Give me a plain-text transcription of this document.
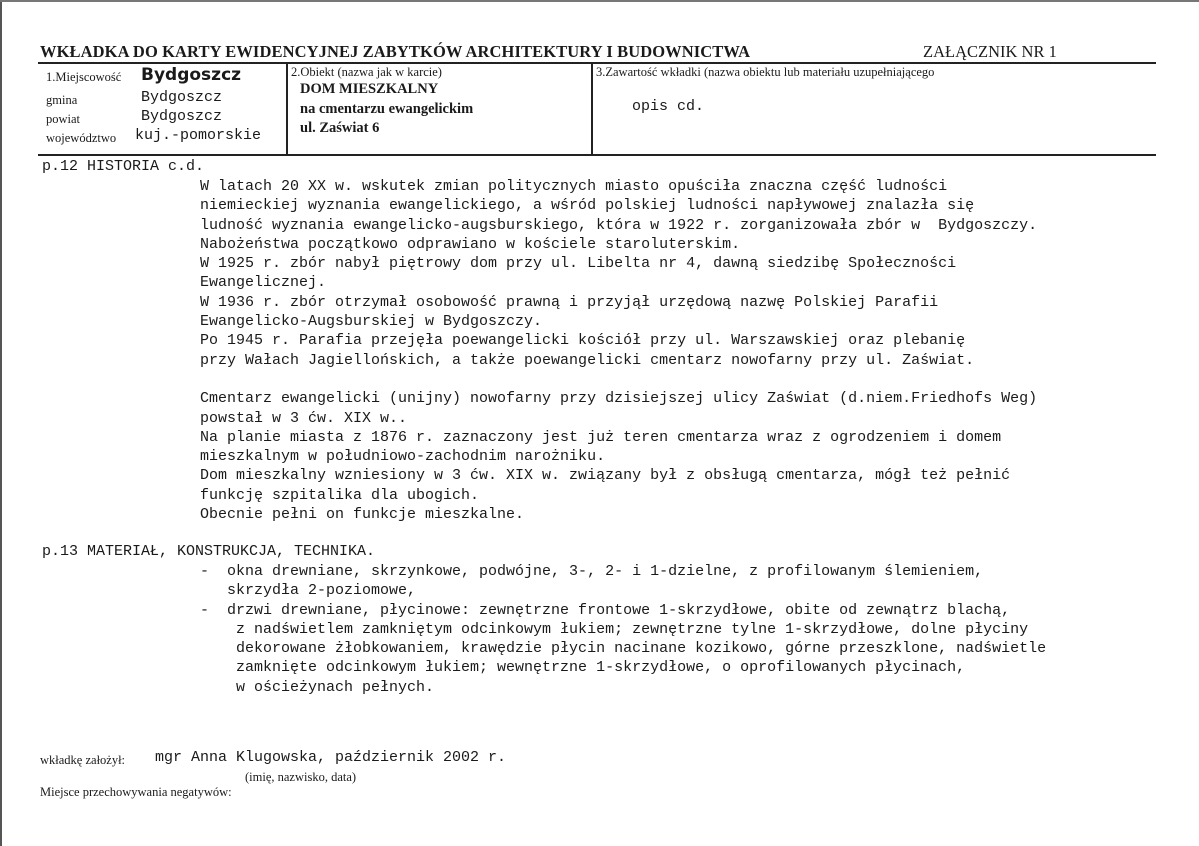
WKŁADKA DO KARTY EWIDENCYJNEJ ZABYTKÓW ARCHITEKTURY I BUDOWNICTWA	ZAŁĄCZNIK NR 1
1.Miejscowość Bydgoszcz
gmina	Bydgoszcz
powiat	Bydgoszcz
województwo kuj.-pomorskie
2.Obiekt (nazwa jak w karcie)
DOM MIESZKALNY
na cmentarzu ewangelickim
ul. Zaświat 6
3.Zawartość wkładki (nazwa obiektu lub materiału uzupełniającego
opis cd.
p.12 HISTORIA c.d.
W latach 20 XX w. wskutek zmian politycznych miasto opuściła znaczna część ludności
niemieckiej wyznania ewangelickiego, a wśród polskiej ludności napływowej znalazła się
ludność wyznania ewangelicko-augsburskiego, która w 1922 r. zorganizowała zbór w  Bydgoszczy.
Nabożeństwa początkowo odprawiano w kościele staroluterskim.
W 1925 r. zbór nabył piętrowy dom przy ul. Libelta nr 4, dawną siedzibę Społeczności
Ewangelicznej.
W 1936 r. zbór otrzymał osobowość prawną i przyjął urzędową nazwę Polskiej Parafii
Ewangelicko-Augsburskiej w Bydgoszczy.
Po 1945 r. Parafia przejęła poewangelicki kościół przy ul. Warszawskiej oraz plebanię
przy Wałach Jagiellońskich, a także poewangelicki cmentarz nowofarny przy ul. Zaświat.
Cmentarz ewangelicki (unijny) nowofarny przy dzisiejszej ulicy Zaświat (d.niem.Friedhofs Weg)
powstał w 3 ćw. XIX w..
Na planie miasta z 1876 r. zaznaczony jest już teren cmentarza wraz z ogrodzeniem i domem
mieszkalnym w południowo-zachodnim narożniku.
Dom mieszkalny wzniesiony w 3 ćw. XIX w. związany był z obsługą cmentarza, mógł też pełnić
funkcję szpitalika dla ubogich.
Obecnie pełni on funkcje mieszkalne.
p.13 MATERIAŁ, KONSTRUKCJA, TECHNIKA.
-  okna drewniane, skrzynkowe, podwójne, 3-, 2- i 1-dzielne, z profilowanym ślemieniem,
skrzydła 2-poziomowe,
-  drzwi drewniane, płycinowe: zewnętrzne frontowe 1-skrzydłowe, obite od zewnątrz blachą,
z nadświetlem zamkniętym odcinkowym łukiem; zewnętrzne tylne 1-skrzydłowe, dolne płyciny
dekorowane żłobkowaniem, krawędzie płycin nacinane kozikowo, górne przeszklone, nadświetle
zamknięte odcinkowym łukiem; wewnętrzne 1-skrzydłowe, o oprofilowanych płycinach,
w ościeżynach pełnych.
wkładkę założył: mgr Anna Klugowska, październik 2002 r.
(imię, nazwisko, data)
Miejsce przechowywania negatywów:
